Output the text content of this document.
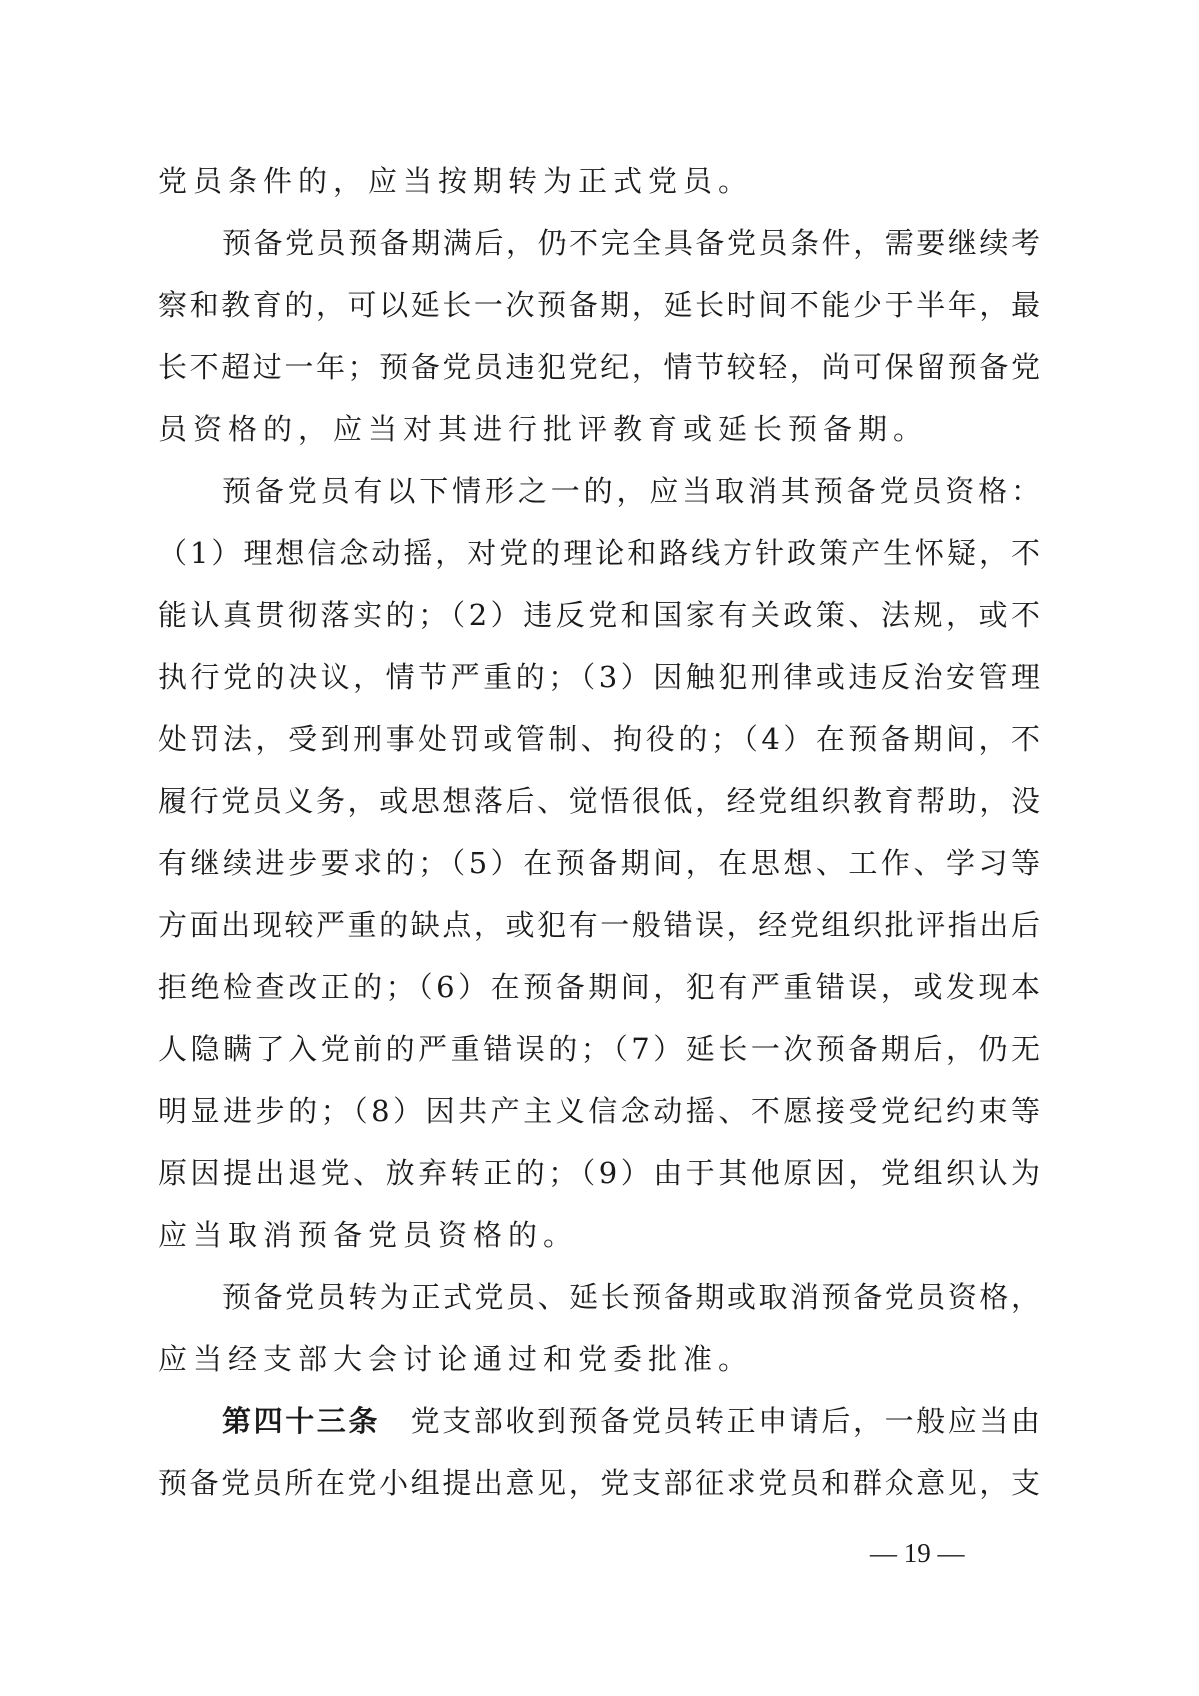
党员条件的，应当按期转为正式党员。
预备党员预备期满后，仍不完全具备党员条件，需要继续考
察和教育的，可以延长一次预备期，延长时间不能少于半年，最
长不超过一年；预备党员违犯党纪，情节较轻，尚可保留预备党
员资格的，应当对其进行批评教育或延长预备期。
预备党员有以下情形之一的，应当取消其预备党员资格：
（1）理想信念动摇，对党的理论和路线方针政策产生怀疑，不
能认真贯彻落实的；（2）违反党和国家有关政策、法规，或不
执行党的决议，情节严重的；（3）因触犯刑律或违反治安管理
处罚法，受到刑事处罚或管制、拘役的；（4）在预备期间，不
履行党员义务，或思想落后、觉悟很低，经党组织教育帮助，没
有继续进步要求的；（5）在预备期间，在思想、工作、学习等
方面出现较严重的缺点，或犯有一般错误，经党组织批评指出后
拒绝检查改正的；（6）在预备期间，犯有严重错误，或发现本
人隐瞒了入党前的严重错误的；（7）延长一次预备期后，仍无
明显进步的；（8）因共产主义信念动摇、不愿接受党纪约束等
原因提出退党、放弃转正的；（9）由于其他原因，党组织认为
应当取消预备党员资格的。
预备党员转为正式党员、延长预备期或取消预备党员资格，
应当经支部大会讨论通过和党委批准。
第四十三条 党支部收到预备党员转正申请后，一般应当由
预备党员所在党小组提出意见，党支部征求党员和群众意见，支
— 19 —
